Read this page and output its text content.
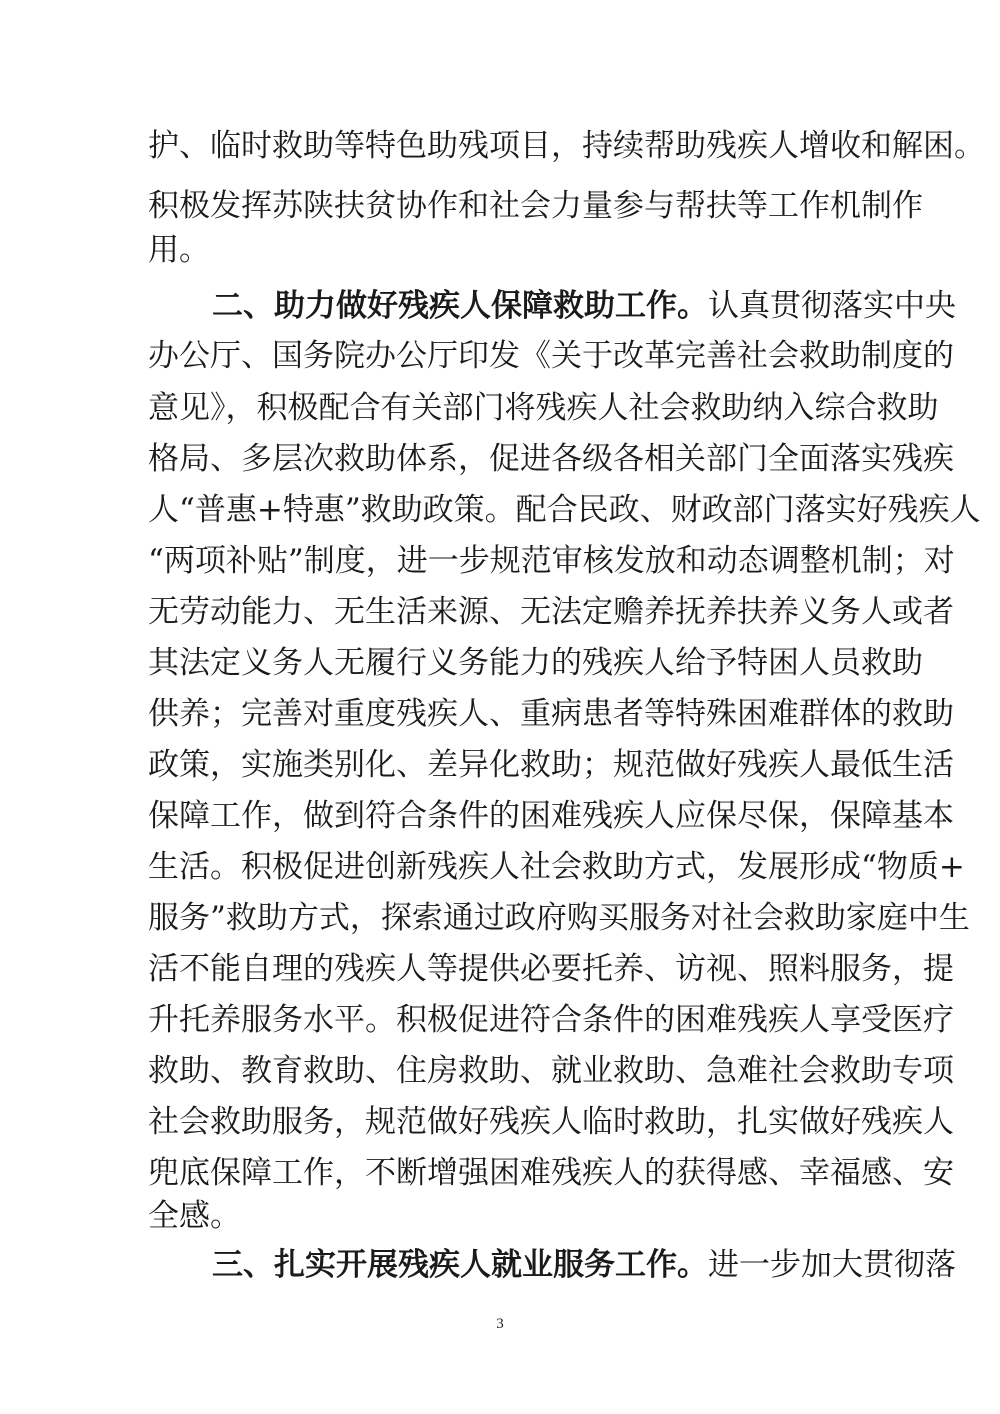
护、临时救助等特色助残项目，持续帮助残疾人增收和解困。
积极发挥苏陕扶贫协作和社会力量参与帮扶等工作机制作
用。
二、助力做好残疾人保障救助工作。认真贯彻落实中央
办公厅、国务院办公厅印发《关于改革完善社会救助制度的
意见》，积极配合有关部门将残疾人社会救助纳入综合救助
格局、多层次救助体系，促进各级各相关部门全面落实残疾
人“普惠+特惠”救助政策。配合民政、财政部门落实好残疾人
“两项补贴”制度，进一步规范审核发放和动态调整机制；对
无劳动能力、无生活来源、无法定赡养抚养扶养义务人或者
其法定义务人无履行义务能力的残疾人给予特困人员救助
供养；完善对重度残疾人、重病患者等特殊困难群体的救助
政策，实施类别化、差异化救助；规范做好残疾人最低生活
保障工作，做到符合条件的困难残疾人应保尽保，保障基本
生活。积极促进创新残疾人社会救助方式，发展形成“物质+
服务”救助方式，探索通过政府购买服务对社会救助家庭中生
活不能自理的残疾人等提供必要托养、访视、照料服务，提
升托养服务水平。积极促进符合条件的困难残疾人享受医疗
救助、教育救助、住房救助、就业救助、急难社会救助专项
社会救助服务，规范做好残疾人临时救助，扎实做好残疾人
兜底保障工作，不断增强困难残疾人的获得感、幸福感、安
全感。
三、扎实开展残疾人就业服务工作。进一步加大贯彻落
3
